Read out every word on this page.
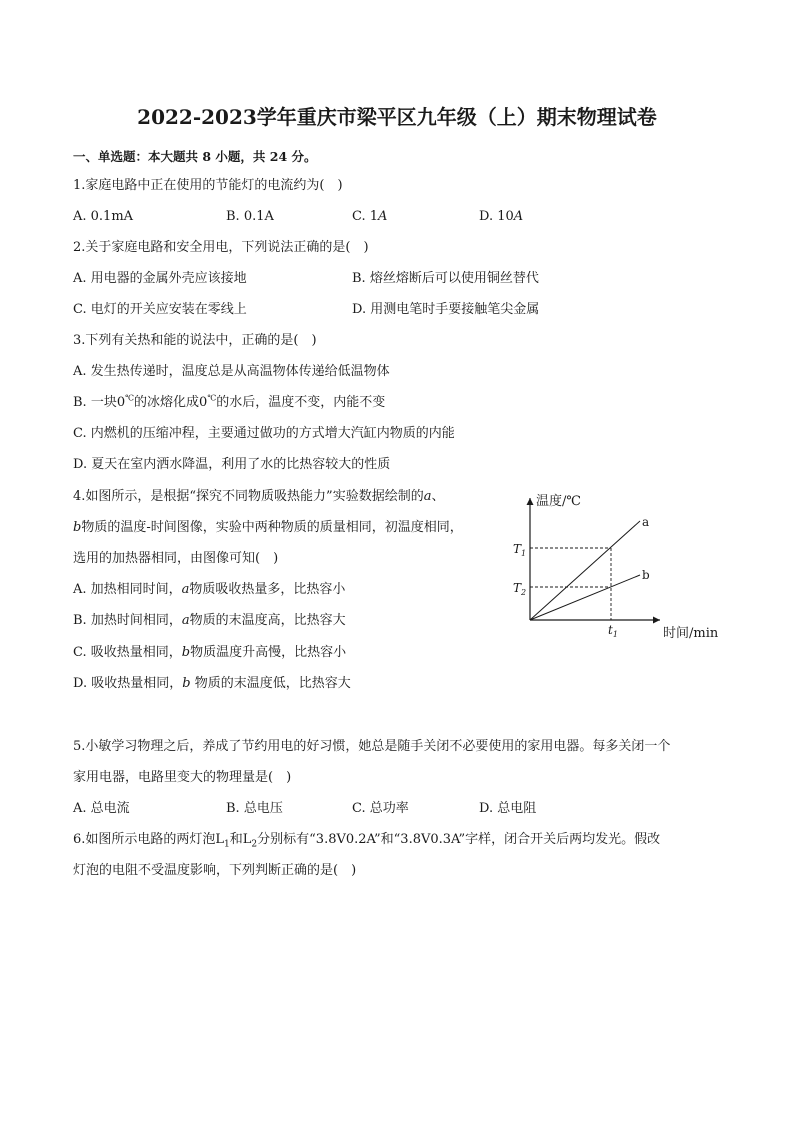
2022-2023学年重庆市梁平区九年级（上）期末物理试卷
一、单选题：本大题共 8 小题，共 24 分。
1.家庭电路中正在使用的节能灯的电流约为(　)
A. 0.1mA	B. 0.1A	C. 1A	D. 10A
2.关于家庭电路和安全用电，下列说法正确的是(　)
A. 用电器的金属外壳应该接地	B. 熔丝熔断后可以使用铜丝替代
C. 电灯的开关应安装在零线上	D. 用测电笔时手要接触笔尖金属
3.下列有关热和能的说法中，正确的是(　)
A. 发生热传递时，温度总是从高温物体传递给低温物体
B. 一块0℃的冰熔化成0℃的水后，温度不变，内能不变
C. 内燃机的压缩冲程，主要通过做功的方式增大汽缸内物质的内能
D. 夏天在室内洒水降温，利用了水的比热容较大的性质
4.如图所示，是根据“探究不同物质吸热能力”实验数据绘制的a、
b物质的温度-时间图像，实验中两种物质的质量相同，初温度相同，
选用的加热器相同，由图像可知(　)
A. 加热相同时间，a物质吸收热量多，比热容小
B. 加热时间相同，a物质的末温度高，比热容大
C. 吸收热量相同，b物质温度升高慢，比热容小
D. 吸收热量相同，b 物质的末温度低，比热容大
温度/℃
时间/min
a
b
$T_1$
$T_2$
$t_1$
5.小敏学习物理之后，养成了节约用电的好习惯，她总是随手关闭不必要使用的家用电器。每多关闭一个
家用电器，电路里变大的物理量是(　)
A. 总电流	B. 总电压	C. 总功率	D. 总电阻
6.如图所示电路的两灯泡$L_1$和$L_2$分别标有“3.8V0.2A”和“3.8V0.3A”字样，闭合开关后两均发光。假改
灯泡的电阻不受温度影响，下列判断正确的是(　)
